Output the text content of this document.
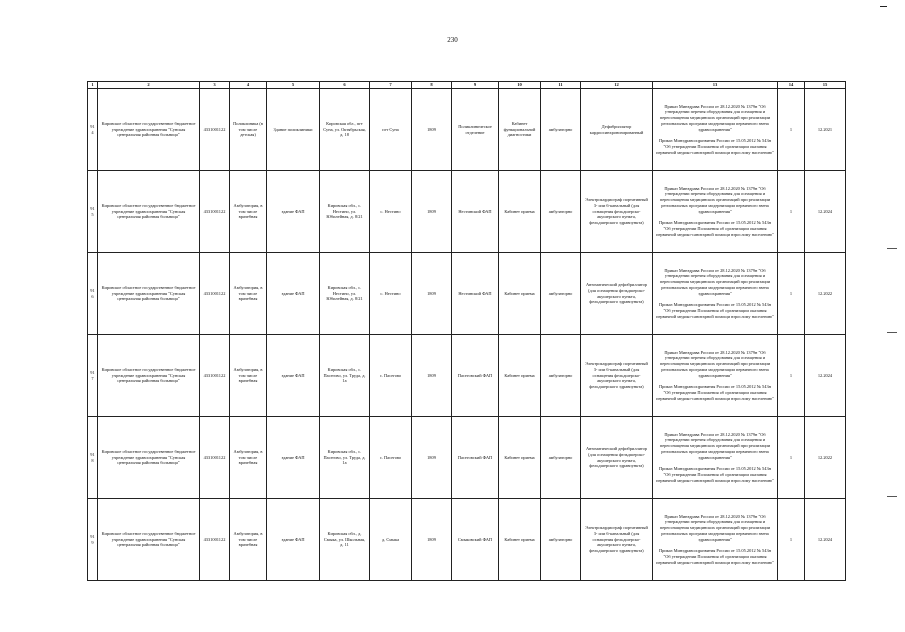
230
1	2	3	4	5	6	7	8	9	10	11	12	13	14	15
914	Кировское областное государственное бюджетное учреждение здравоохранения "Сунская центральная районная больница"	4331001122	Поликлиника (в том числе детская)	Здание поликлиники	Кировская обл., пгт Суна, ул. Октябрьская, д. 18	пгт Суна	1809	Поликлиническое отделение	Кабинет функциональной диагностики	амбулаторно	Дефибриллятор кардиосинхронизированный	Приказ Минздрава России от 28.12.2020 № 1379н "Об утверждении перечня оборудования для оснащения и переоснащения медицинских организаций при реализации региональных программ модернизации первичного звена здравоохранения"

Приказ Минздравсоцразвития России от 15.05.2012 № 543н "Об утверждении Положения об организации оказания первичной медико-санитарной помощи взрослому населению"	1	12.2021
915	Кировское областное государственное бюджетное учреждение здравоохранения "Сунская центральная районная больница"	4331001122	Амбулатория, в том числе врачебная	здание ФАП	Кировская обл., с. Нестино, ул. Юбилейная, д. 8/21	с. Нестино	1809	Нестинский ФАП	Кабинет приема	амбулаторно	Электрокардиограф портативный 3- или 6-канальный (для оснащения фельдшерско-акушерского пункта, фельдшерского здравпункта)	Приказ Минздрава России от 28.12.2020 № 1379н "Об утверждении перечня оборудования для оснащения и переоснащения медицинских организаций при реализации региональных программ модернизации первичного звена здравоохранения"

Приказ Минздравсоцразвития России от 15.05.2012 № 543н "Об утверждении Положения об организации оказания первичной медико-санитарной помощи взрослому населению"	1	12.2024
916	Кировское областное государственное бюджетное учреждение здравоохранения "Сунская центральная районная больница"	4331001122	Амбулатория, в том числе врачебная	здание ФАП	Кировская обл., с. Нестино, ул. Юбилейная, д. 8/21	с. Нестино	1809	Нестинский ФАП	Кабинет приема	амбулаторно	Автоматический дефибриллятор (для оснащения фельдшерско-акушерского пункта, фельдшерского здравпункта)	Приказ Минздрава России от 28.12.2020 № 1379н "Об утверждении перечня оборудования для оснащения и переоснащения медицинских организаций при реализации региональных программ модернизации первичного звена здравоохранения"

Приказ Минздравсоцразвития России от 15.05.2012 № 543н "Об утверждении Положения об организации оказания первичной медико-санитарной помощи взрослому населению"	1	12.2022
917	Кировское областное государственное бюджетное учреждение здравоохранения "Сунская центральная районная больница"	4331001122	Амбулатория, в том числе врачебная	здание ФАП	Кировская обл., с. Пасегово, ул. Труда, д. 1а	с. Пасегово	1809	Пасеговский ФАП	Кабинет приема	амбулаторно	Электрокардиограф портативный 3- или 6-канальный (для оснащения фельдшерско-акушерского пункта, фельдшерского здравпункта)	Приказ Минздрава России от 28.12.2020 № 1379н "Об утверждении перечня оборудования для оснащения и переоснащения медицинских организаций при реализации региональных программ модернизации первичного звена здравоохранения"

Приказ Минздравсоцразвития России от 15.05.2012 № 543н "Об утверждении Положения об организации оказания первичной медико-санитарной помощи взрослому населению"	1	12.2024
918	Кировское областное государственное бюджетное учреждение здравоохранения "Сунская центральная районная больница"	4331001122	Амбулатория, в том числе врачебная	здание ФАП	Кировская обл., с. Пасегово, ул. Труда, д. 1а	с. Пасегово	1809	Пасеговский ФАП	Кабинет приема	амбулаторно	Автоматический дефибриллятор (для оснащения фельдшерско-акушерского пункта, фельдшерского здравпункта)	Приказ Минздрава России от 28.12.2020 № 1379н "Об утверждении перечня оборудования для оснащения и переоснащения медицинских организаций при реализации региональных программ модернизации первичного звена здравоохранения"

Приказ Минздравсоцразвития России от 15.05.2012 № 543н "Об утверждении Положения об организации оказания первичной медико-санитарной помощи взрослому населению"	1	12.2022
919	Кировское областное государственное бюджетное учреждение здравоохранения "Сунская центральная районная больница"	4331001122	Амбулатория, в том числе врачебная	здание ФАП	Кировская обл., д. Смыка, ул. Школьная, д. 11	д. Смыка	1809	Смыковский ФАП	Кабинет приема	амбулаторно	Электрокардиограф портативный 3- или 6-канальный (для оснащения фельдшерско-акушерского пункта, фельдшерского здравпункта)	Приказ Минздрава России от 28.12.2020 № 1379н "Об утверждении перечня оборудования для оснащения и переоснащения медицинских организаций при реализации региональных программ модернизации первичного звена здравоохранения"

Приказ Минздравсоцразвития России от 15.05.2012 № 543н "Об утверждении Положения об организации оказания первичной медико-санитарной помощи взрослому населению"	1	12.2024
